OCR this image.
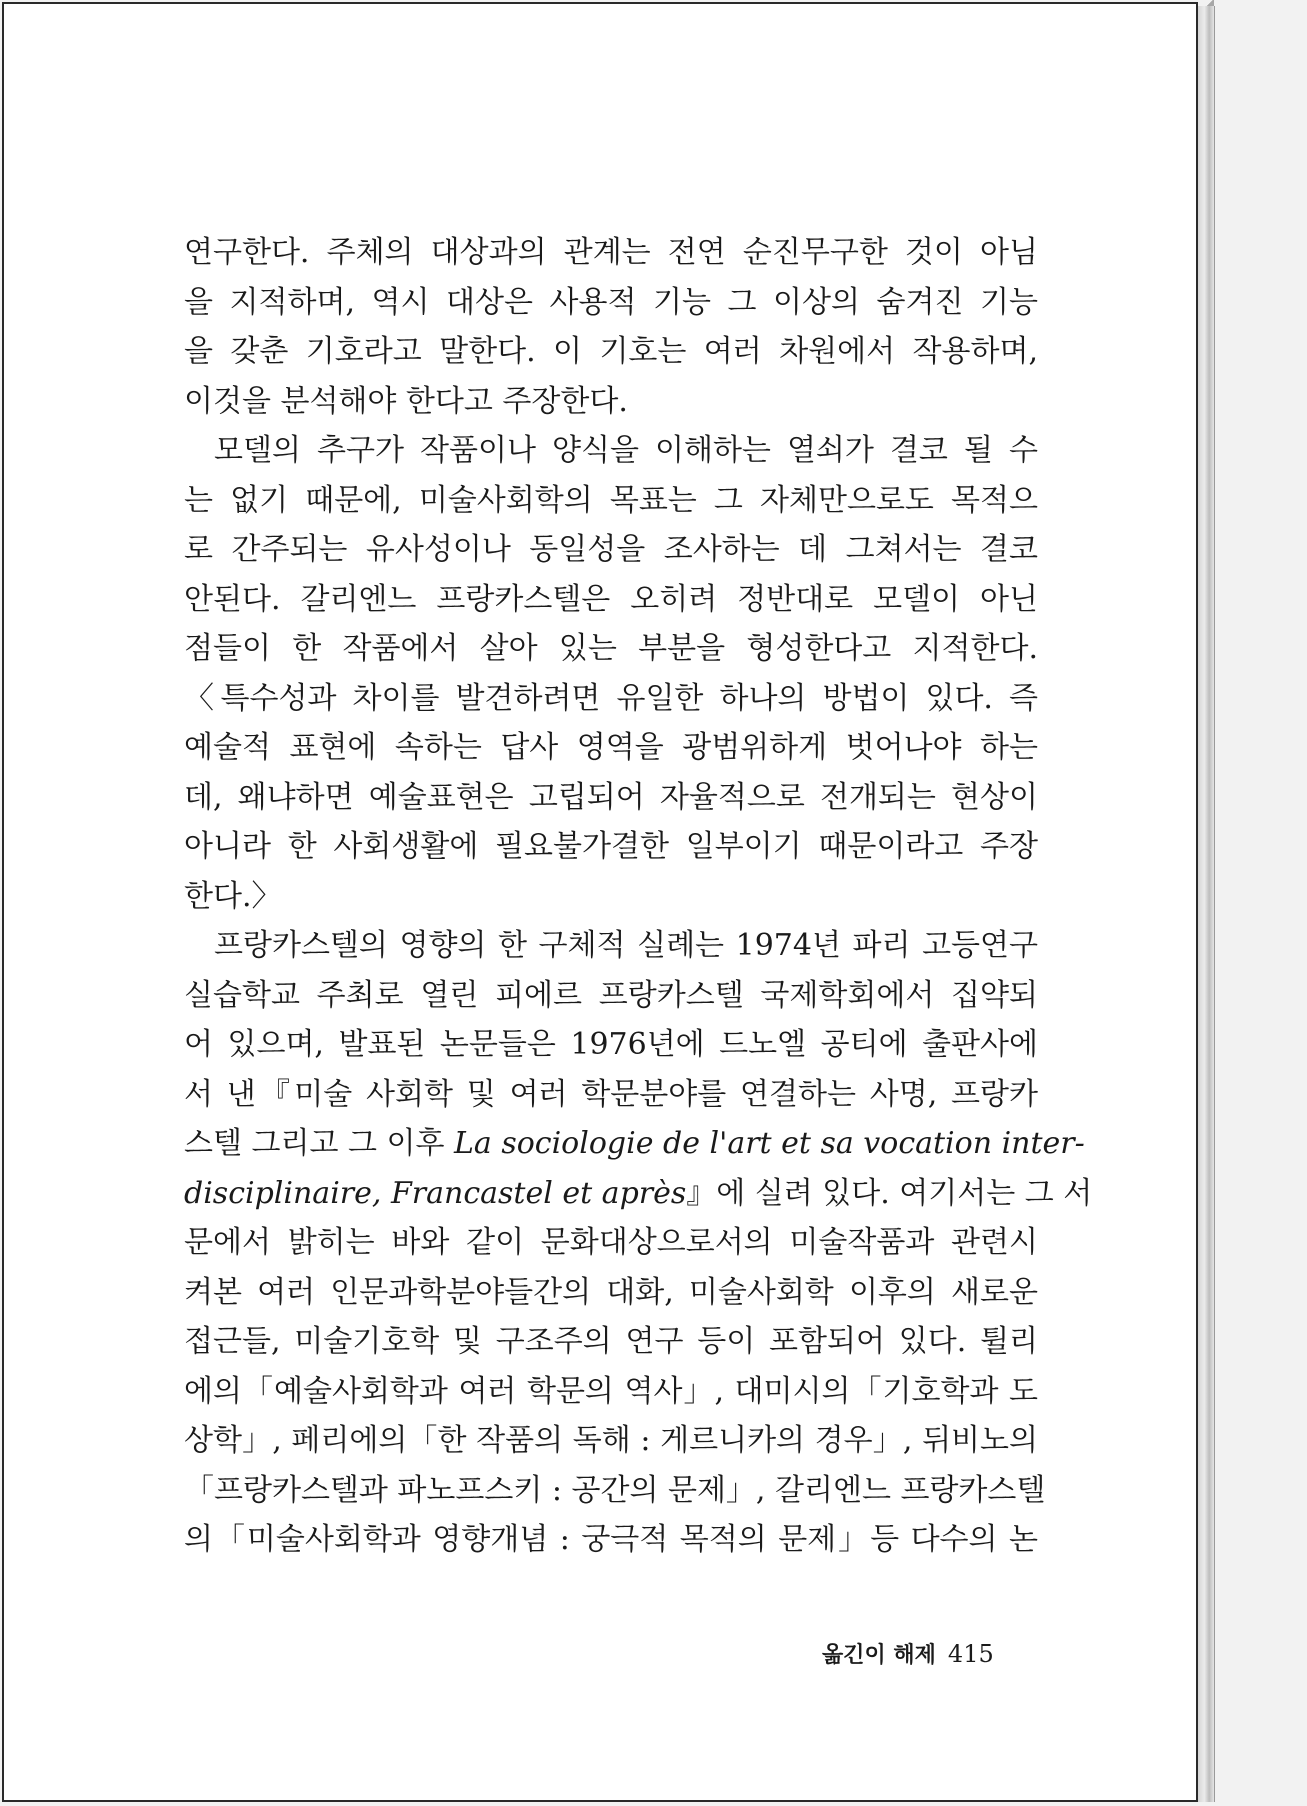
연구한다. 주체의 대상과의 관계는 전연 순진무구한 것이 아님
을 지적하며, 역시 대상은 사용적 기능 그 이상의 숨겨진 기능
을 갖춘 기호라고 말한다. 이 기호는 여러 차원에서 작용하며,
이것을 분석해야 한다고 주장한다.
모델의 추구가 작품이나 양식을 이해하는 열쇠가 결코 될 수
는 없기 때문에, 미술사회학의 목표는 그 자체만으로도 목적으
로 간주되는 유사성이나 동일성을 조사하는 데 그쳐서는 결코
안된다. 갈리엔느 프랑카스텔은 오히려 정반대로 모델이 아닌
점들이 한 작품에서 살아 있는 부분을 형성한다고 지적한다.
〈특수성과 차이를 발견하려면 유일한 하나의 방법이 있다. 즉
예술적 표현에 속하는 답사 영역을 광범위하게 벗어나야 하는
데, 왜냐하면 예술표현은 고립되어 자율적으로 전개되는 현상이
아니라 한 사회생활에 필요불가결한 일부이기 때문이라고 주장
한다.〉
프랑카스텔의 영향의 한 구체적 실례는 1974년 파리 고등연구
실습학교 주최로 열린 피에르 프랑카스텔 국제학회에서 집약되
어 있으며, 발표된 논문들은 1976년에 드노엘 공티에 출판사에
서 낸『미술 사회학 및 여러 학문분야를 연결하는 사명, 프랑카
스텔 그리고 그 이후 La sociologie de l'art et sa vocation inter-
disciplinaire, Francastel et après』에 실려 있다. 여기서는 그 서
문에서 밝히는 바와 같이 문화대상으로서의 미술작품과 관련시
켜본 여러 인문과학분야들간의 대화, 미술사회학 이후의 새로운
접근들, 미술기호학 및 구조주의 연구 등이 포함되어 있다. 튈리
에의「예술사회학과 여러 학문의 역사」, 대미시의「기호학과 도
상학」, 페리에의「한 작품의 독해 : 게르니카의 경우」, 뒤비노의
「프랑카스텔과 파노프스키 : 공간의 문제」, 갈리엔느 프랑카스텔
의「미술사회학과 영향개념 : 궁극적 목적의 문제」등 다수의 논
옮긴이 해제 415
